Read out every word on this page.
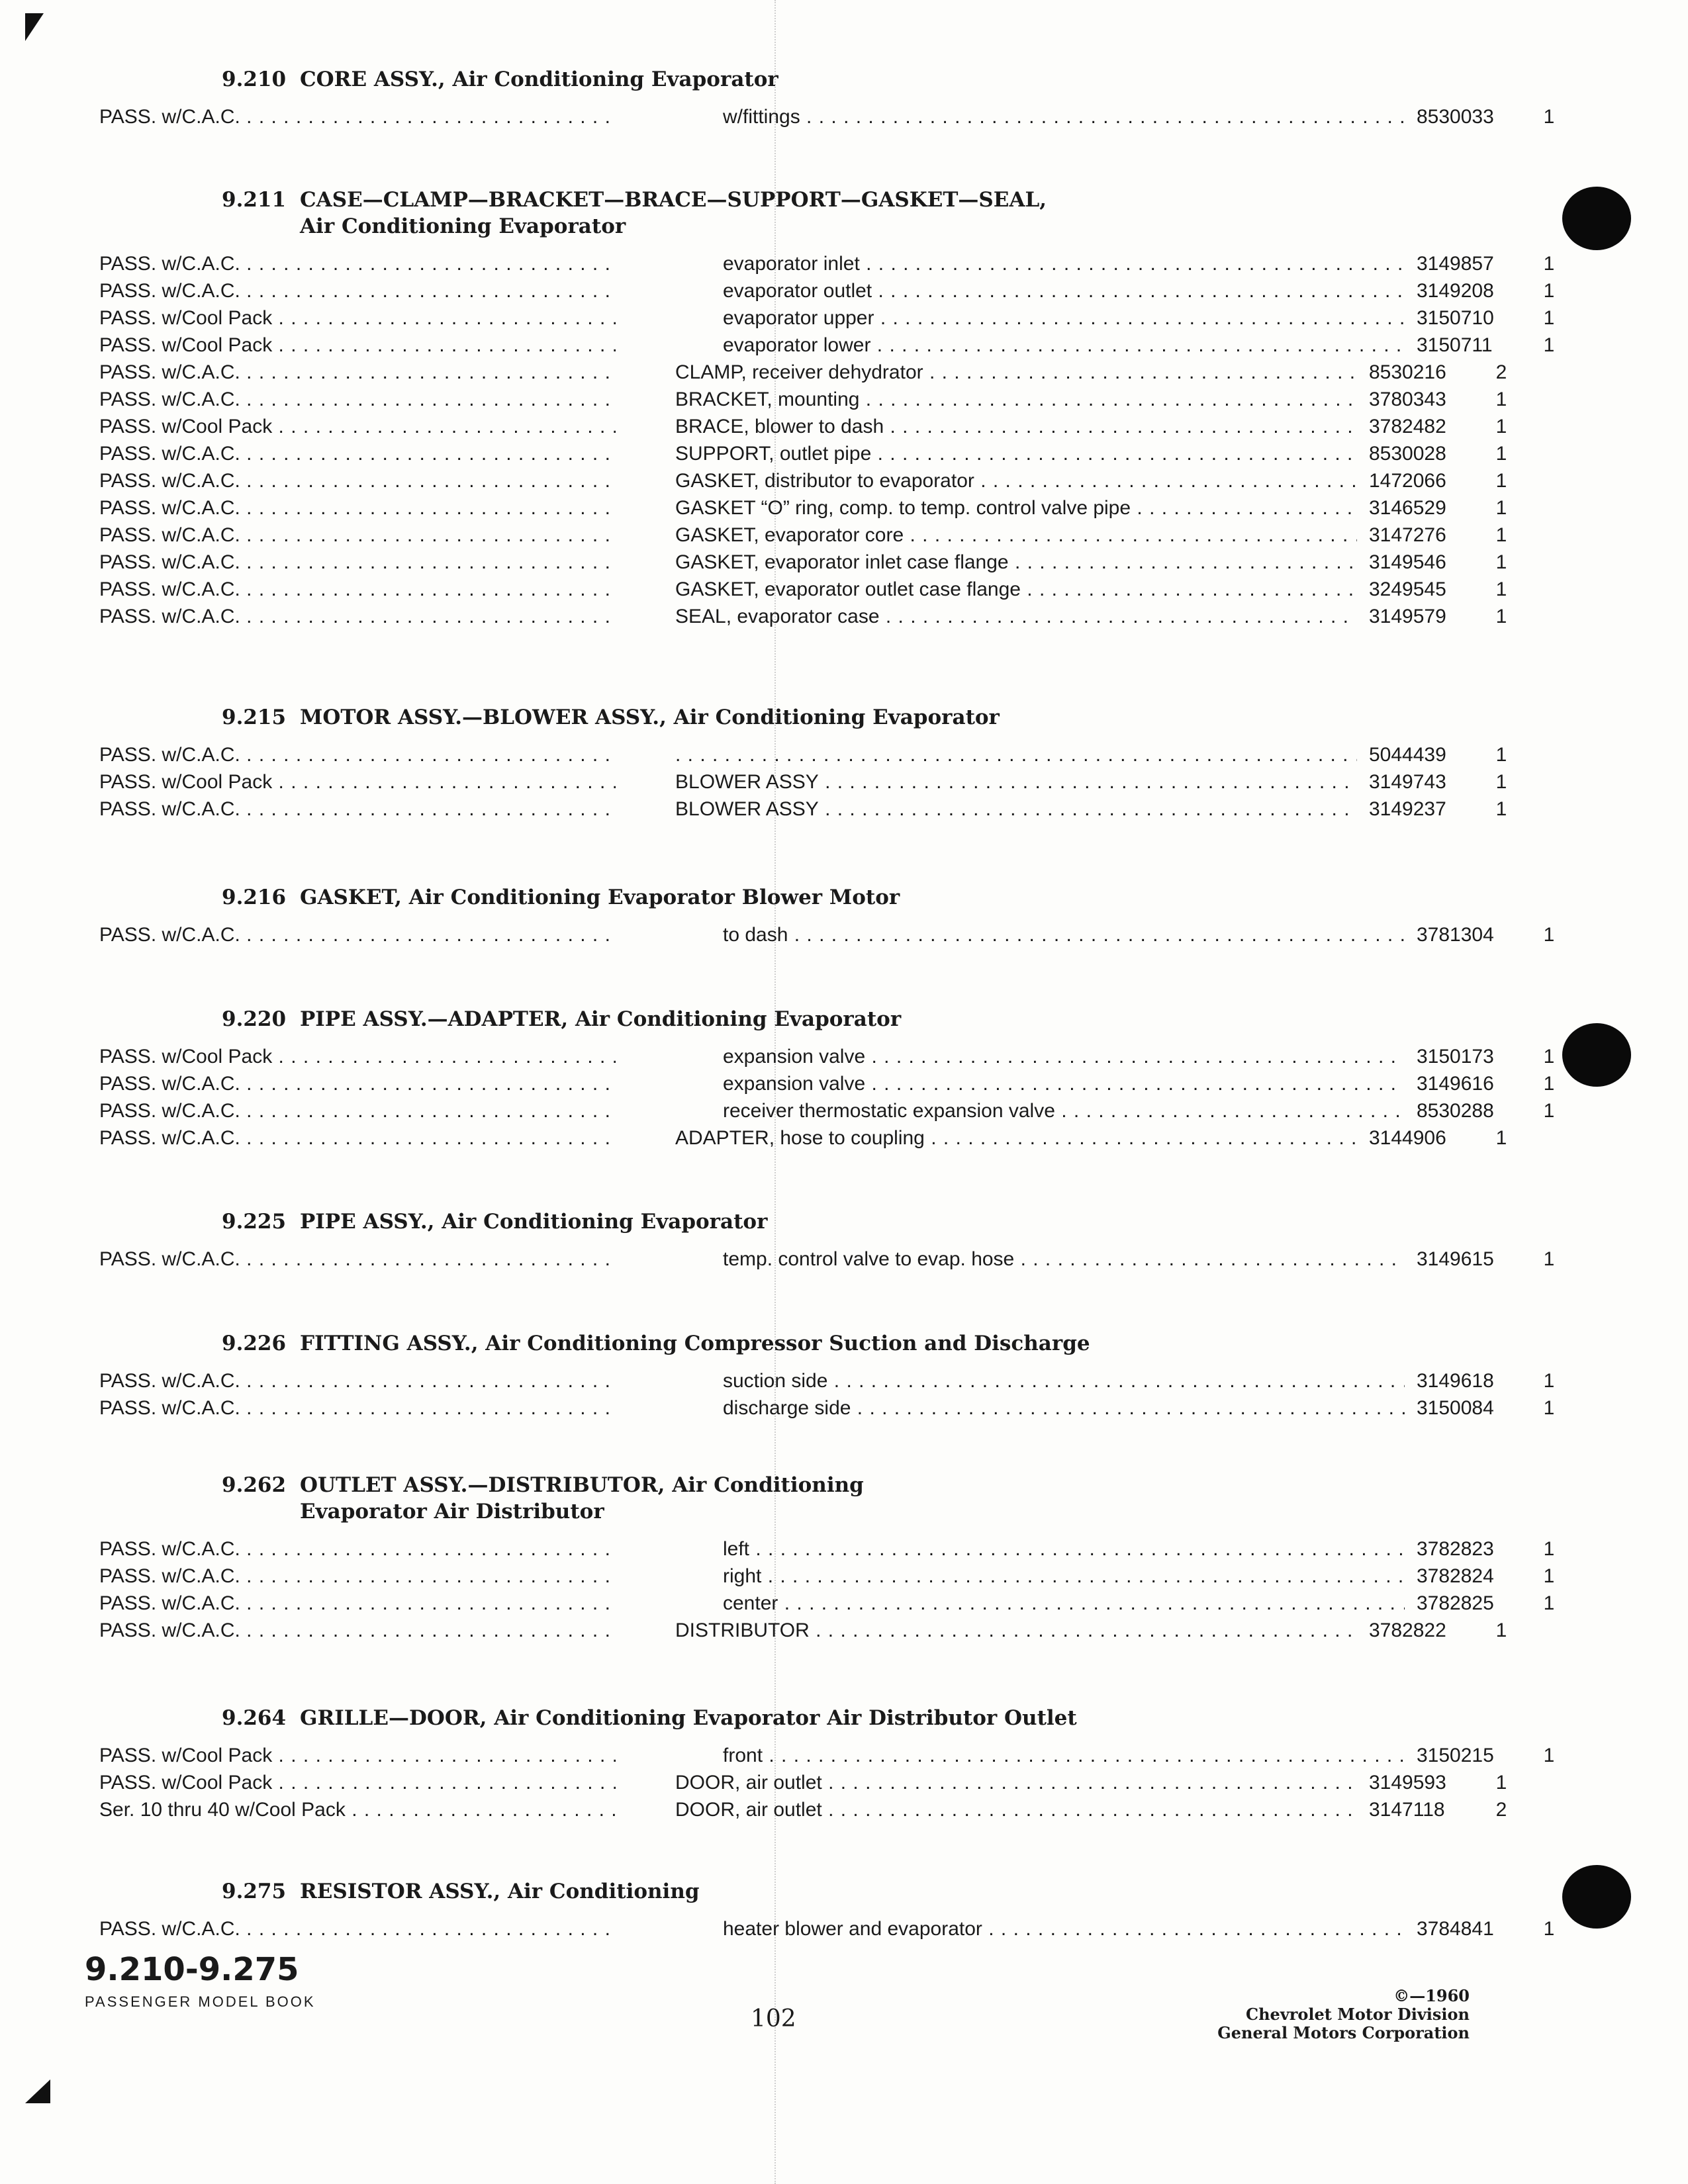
9.210 CORE ASSY., Air Conditioning Evaporator
PASS. w/C.A.C. . . .	w/fittings . . .	8530033	1
9.211 CASE—CLAMP—BRACKET—BRACE—SUPPORT—GASKET—SEAL,
Air Conditioning Evaporator
PASS. w/C.A.C. . . .	evaporator inlet . . .	3149857	1
PASS. w/C.A.C. . . .	evaporator outlet . . .	3149208	1
PASS. w/Cool Pack . . .	evaporator upper . . .	3150710	1
PASS. w/Cool Pack . . .	evaporator lower . . .	3150711	1
PASS. w/C.A.C. . . .	CLAMP, receiver dehydrator . . .	8530216	2
PASS. w/C.A.C. . . .	BRACKET, mounting . . .	3780343	1
PASS. w/Cool Pack . . .	BRACE, blower to dash . . .	3782482	1
PASS. w/C.A.C. . . .	SUPPORT, outlet pipe . . .	8530028	1
PASS. w/C.A.C. . . .	GASKET, distributor to evaporator . . .	1472066	1
PASS. w/C.A.C. . . .	GASKET “O” ring, comp. to temp. control valve pipe . . .	3146529	1
PASS. w/C.A.C. . . .	GASKET, evaporator core . . .	3147276	1
PASS. w/C.A.C. . . .	GASKET, evaporator inlet case flange . . .	3149546	1
PASS. w/C.A.C. . . .	GASKET, evaporator outlet case flange . . .	3249545	1
PASS. w/C.A.C. . . .	SEAL, evaporator case . . .	3149579	1
9.215 MOTOR ASSY.—BLOWER ASSY., Air Conditioning Evaporator
PASS. w/C.A.C. . . .
. . .	5044439	1
PASS. w/Cool Pack . . .	BLOWER ASSY . . .	3149743	1
PASS. w/C.A.C. . . .	BLOWER ASSY . . .	3149237	1
9.216 GASKET, Air Conditioning Evaporator Blower Motor
PASS. w/C.A.C. . . .	to dash . . .	3781304	1
9.220 PIPE ASSY.—ADAPTER, Air Conditioning Evaporator
PASS. w/Cool Pack . . .	expansion valve . . .	3150173	1
PASS. w/C.A.C. . . .	expansion valve . . .	3149616	1
PASS. w/C.A.C. . . .	receiver thermostatic expansion valve . . .	8530288	1
PASS. w/C.A.C. . . .	ADAPTER, hose to coupling . . .	3144906	1
9.225 PIPE ASSY., Air Conditioning Evaporator
PASS. w/C.A.C. . . .	temp. control valve to evap. hose . . .	3149615	1
9.226 FITTING ASSY., Air Conditioning Compressor Suction and Discharge
PASS. w/C.A.C. . . .	suction side . . .	3149618	1
PASS. w/C.A.C. . . .	discharge side . . .	3150084	1
9.262 OUTLET ASSY.—DISTRIBUTOR, Air Conditioning
Evaporator Air Distributor
PASS. w/C.A.C. . . .	left . . .	3782823	1
PASS. w/C.A.C. . . .	right . . .	3782824	1
PASS. w/C.A.C. . . .	center . . .	3782825	1
PASS. w/C.A.C. . . .	DISTRIBUTOR . . .	3782822	1
9.264 GRILLE—DOOR, Air Conditioning Evaporator Air Distributor Outlet
PASS. w/Cool Pack . . .	front . . .	3150215	1
PASS. w/Cool Pack . . .	DOOR, air outlet . . .	3149593	1
Ser. 10 thru 40 w/Cool Pack . . .	DOOR, air outlet . . .	3147118	2
9.275 RESISTOR ASSY., Air Conditioning
PASS. w/C.A.C. . . .	heater blower and evaporator . . .	3784841	1
9.210-9.275
PASSENGER MODEL BOOK
102
©—1960
Chevrolet Motor Division
General Motors Corporation
